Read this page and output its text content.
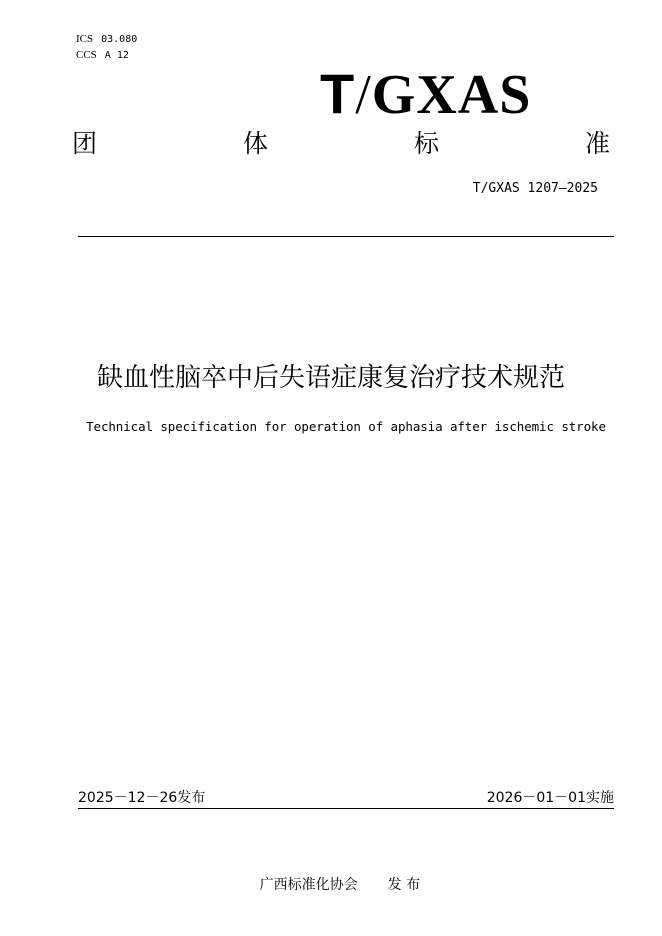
ICS 03.080
CCS A 12
T/GXAS
团	体	标	准
T/GXAS 1207—2025
缺血性脑卒中后失语症康复治疗技术规范
Technical specification for operation of aphasia after ischemic stroke
2025－12－26发布	2026－01－01实施

广西标准化协会 发 布
